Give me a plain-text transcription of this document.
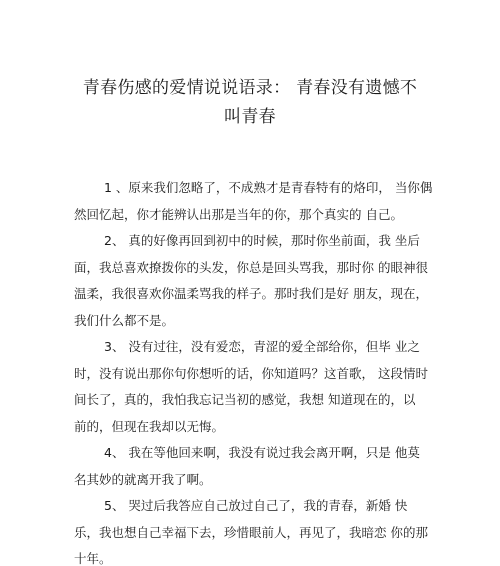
青春伤感的爱情说说语录： 青春没有遗憾不
叫青春

1 、原来我们忽略了，不成熟才是青春特有的烙印， 当你偶
然回忆起，你才能辨认出那是当年的你，那个真实的 自己。

2、 真的好像再回到初中的时候，那时你坐前面，我 坐后
面，我总喜欢撩拨你的头发，你总是回头骂我，那时你 的眼神很
温柔，我很喜欢你温柔骂我的样子。那时我们是好 朋友，现在，
我们什么都不是。

3、 没有过往，没有爱恋，青涩的爱全部给你，但毕 业之
时，没有说出那你句你想听的话，你知道吗？这首歌， 这段情时
间长了，真的，我怕我忘记当初的感觉，我想 知道现在的，以
前的，但现在我却以无悔。

4、 我在等他回来啊，我没有说过我会离开啊，只是 他莫
名其妙的就离开我了啊。

5、 哭过后我答应自己放过自己了，我的青春，新婚 快
乐，我也想自己幸福下去，珍惜眼前人，再见了，我暗恋 你的那
十年。
